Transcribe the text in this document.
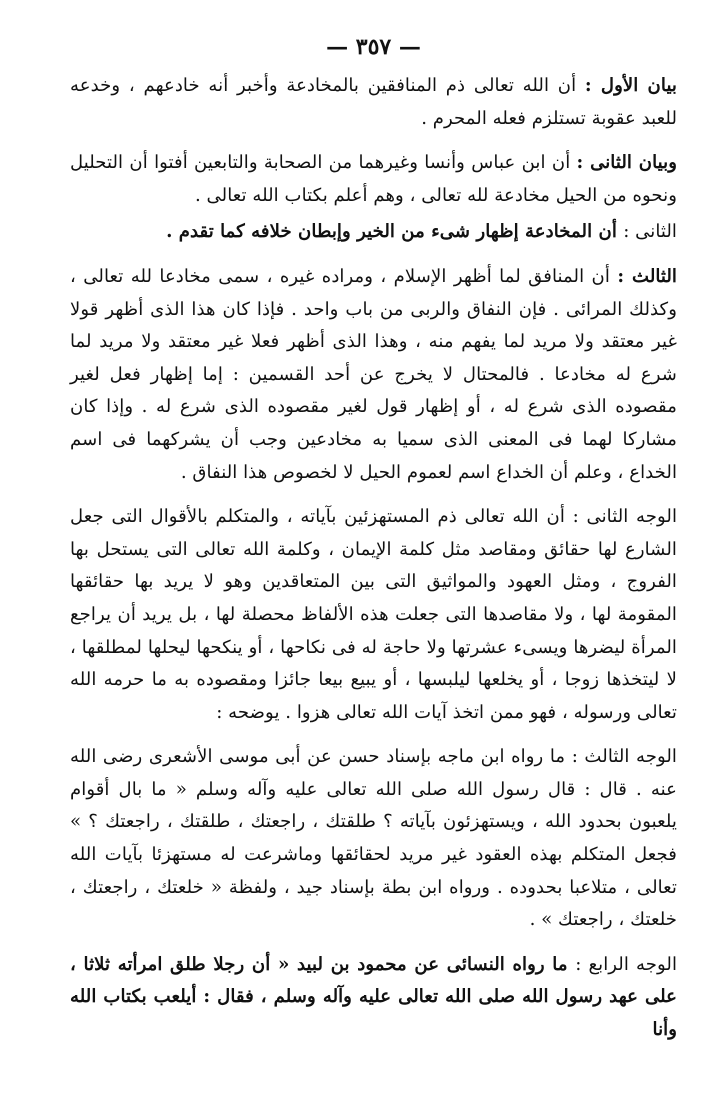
— ٣٥٧ —

بيان الأول : أن الله تعالى ذم المنافقين بالمخادعة وأخبر أنه خادعهم ، وخدعه للعبد عقوبة تستلزم فعله المحرم .

وبيان الثانى : أن ابن عباس وأنسا وغيرهما من الصحابة والتابعين أفتوا أن التحليل ونحوه من الحيل مخادعة لله تعالى ، وهم أعلم بكتاب الله تعالى .

الثانى : أن المخادعة إظهار شىء من الخير وإبطان خلافه كما تقدم .

الثالث : أن المنافق لما أظهر الإسلام ، ومراده غيره ، سمى مخادعا لله تعالى ، وكذلك المرائى . فإن النفاق والربى من باب واحد . فإذا كان هذا الذى أظهر قولا غير معتقد ولا مريد لما يفهم منه ، وهذا الذى أظهر فعلا غير معتقد ولا مريد لما شرع له مخادعا . فالمحتال لا يخرج عن أحد القسمين : إما إظهار فعل لغير مقصوده الذى شرع له ، أو إظهار قول لغير مقصوده الذى شرع له . وإذا كان مشاركا لهما فى المعنى الذى سميا به مخادعين وجب أن يشركهما فى اسم الخداع ، وعلم أن الخداع اسم لعموم الحيل لا لخصوص هذا النفاق .

الوجه الثانى : أن الله تعالى ذم المستهزئين بآياته ، والمتكلم بالأقوال التى جعل الشارع لها حقائق ومقاصد مثل كلمة الإيمان ، وكلمة الله تعالى التى يستحل بها الفروج ، ومثل العهود والمواثيق التى بين المتعاقدين وهو لا يريد بها حقائقها المقومة لها ، ولا مقاصدها التى جعلت هذه الألفاظ محصلة لها ، بل يريد أن يراجع المرأة ليضرها ويسىء عشرتها ولا حاجة له فى نكاحها ، أو ينكحها ليحلها لمطلقها ، لا ليتخذها زوجا ، أو يخلعها ليلبسها ، أو يبيع بيعا جائزا ومقصوده به ما حرمه الله تعالى ورسوله ، فهو ممن اتخذ آيات الله تعالى هزوا . يوضحه :

الوجه الثالث : ما رواه ابن ماجه بإسناد حسن عن أبى موسى الأشعرى رضى الله عنه . قال : قال رسول الله صلى الله تعالى عليه وآله وسلم « ما بال أقوام يلعبون بحدود الله ، ويستهزئون بآياته ؟ طلقتك ، راجعتك ، طلقتك ، راجعتك ؟ » فجعل المتكلم بهذه العقود غير مريد لحقائقها وماشرعت له مستهزئا بآيات الله تعالى ، متلاعبا بحدوده . ورواه ابن بطة بإسناد جيد ، ولفظة « خلعتك ، راجعتك ، خلعتك ، راجعتك » .

الوجه الرابع : ما رواه النسائى عن محمود بن لبيد « أن رجلا طلق امرأته ثلاثا ، على عهد رسول الله صلى الله تعالى عليه وآله وسلم ، فقال : أيلعب بكتاب الله وأنا
